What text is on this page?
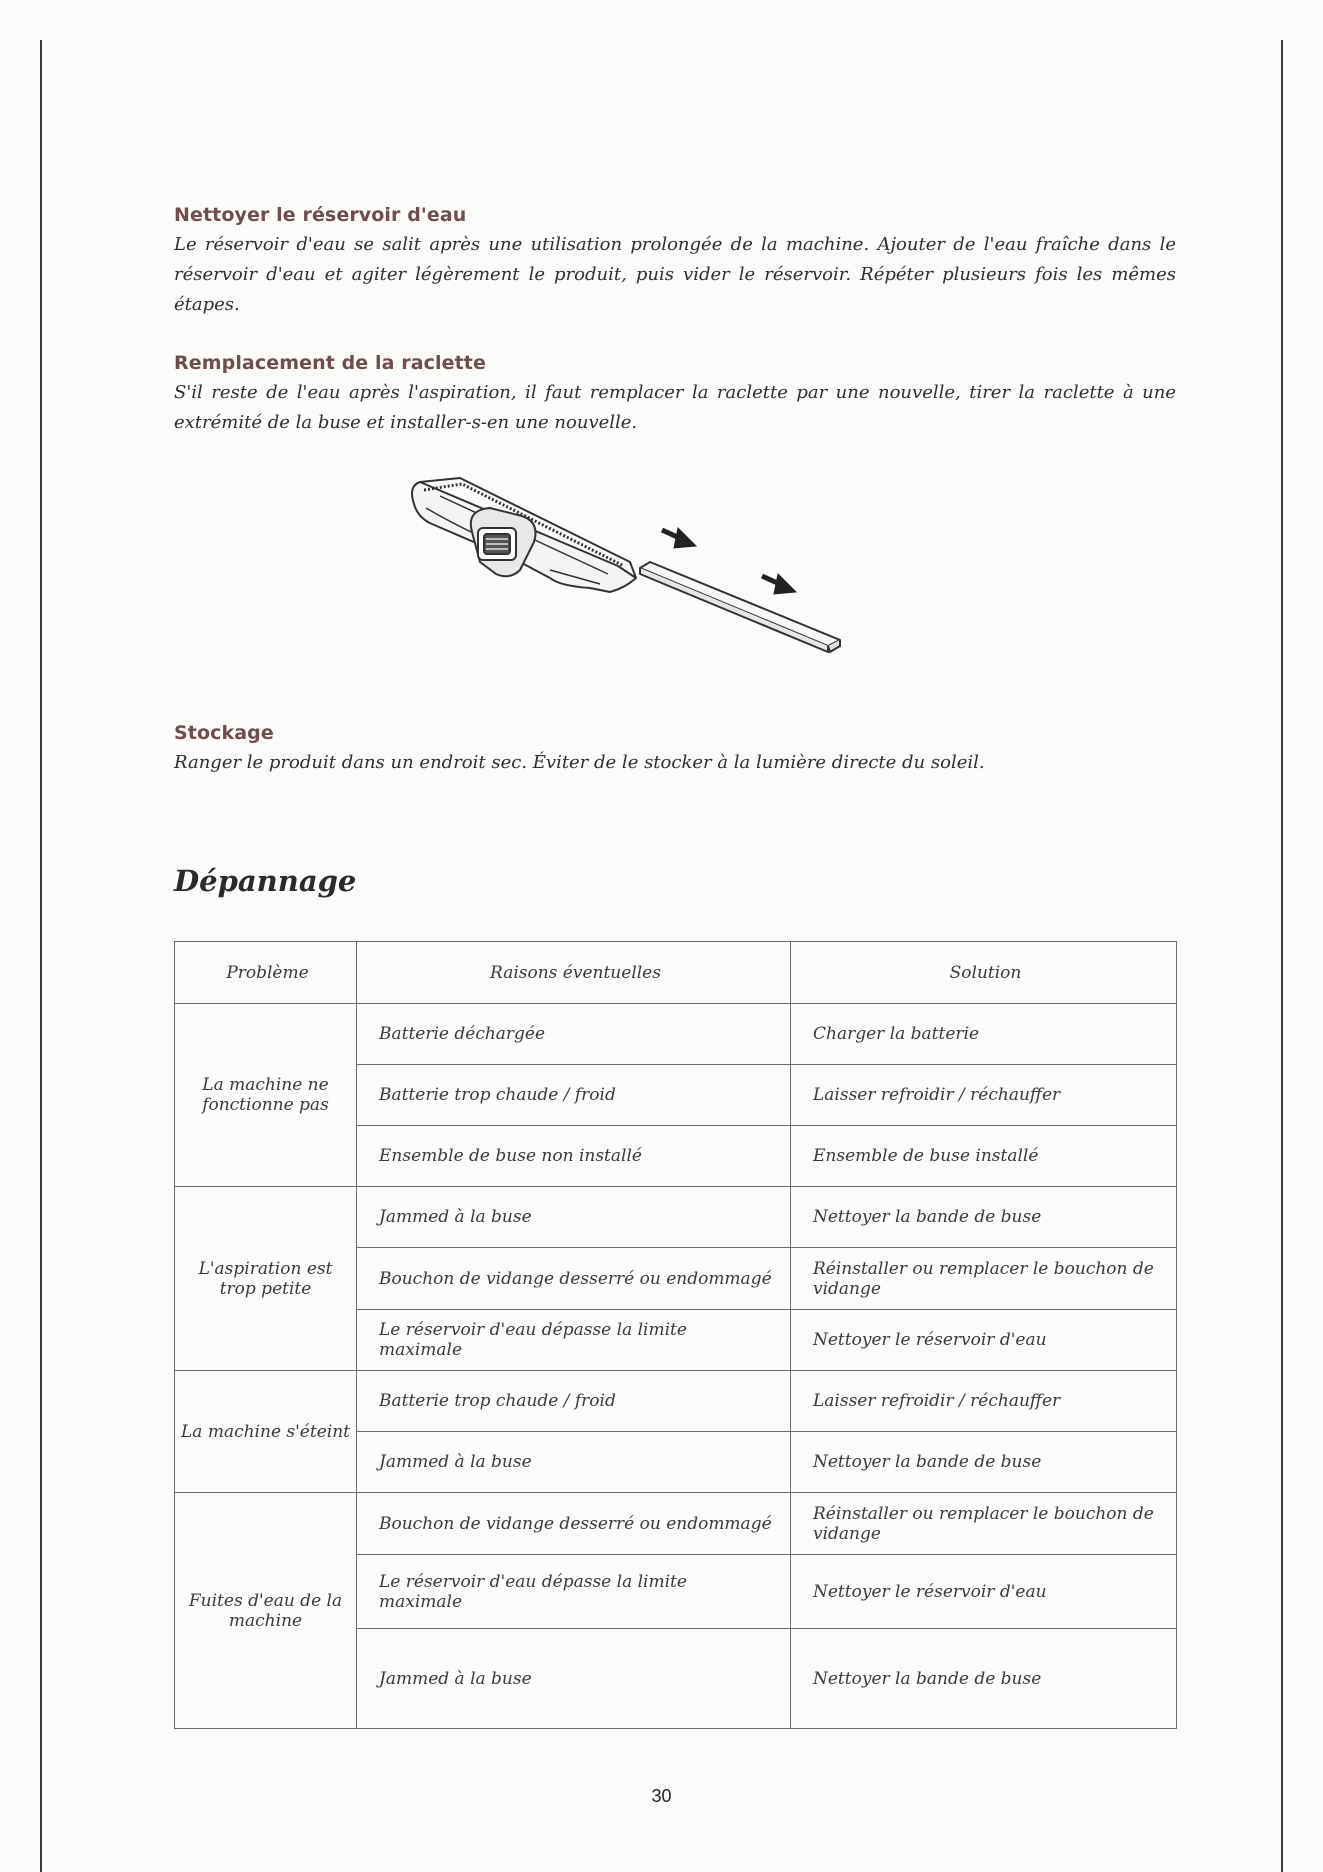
Nettoyer le réservoir d'eau

Le réservoir d'eau se salit après une utilisation prolongée de la machine. Ajouter de l'eau fraîche dans le réservoir d'eau et agiter légèrement le produit, puis vider le réservoir. Répéter plusieurs fois les mêmes étapes.

Remplacement de la raclette

S'il reste de l'eau après l'aspiration, il faut remplacer la raclette par une nouvelle, tirer la raclette à une extrémité de la buse et installer-s-en une nouvelle.

Stockage

Ranger le produit dans un endroit sec. Éviter de le stocker à la lumière directe du soleil.

Dépannage
Problème	Raisons éventuelles	Solution
La machine ne fonctionne pas	Batterie déchargée	Charger la batterie
	Batterie trop chaude / froid	Laisser refroidir / réchauffer
	Ensemble de buse non installé	Ensemble de buse installé
L'aspiration est trop petite	Jammed à la buse	Nettoyer la bande de buse
	Bouchon de vidange desserré ou endommagé	Réinstaller ou remplacer le bouchon de vidange
	Le réservoir d'eau dépasse la limite maximale	Nettoyer le réservoir d'eau
La machine s'éteint	Batterie trop chaude / froid	Laisser refroidir / réchauffer
	Jammed à la buse	Nettoyer la bande de buse
Fuites d'eau de la machine	Bouchon de vidange desserré ou endommagé	Réinstaller ou remplacer le bouchon de vidange
	Le réservoir d'eau dépasse la limite maximale	Nettoyer le réservoir d'eau
	Jammed à la buse	Nettoyer la bande de buse
30
